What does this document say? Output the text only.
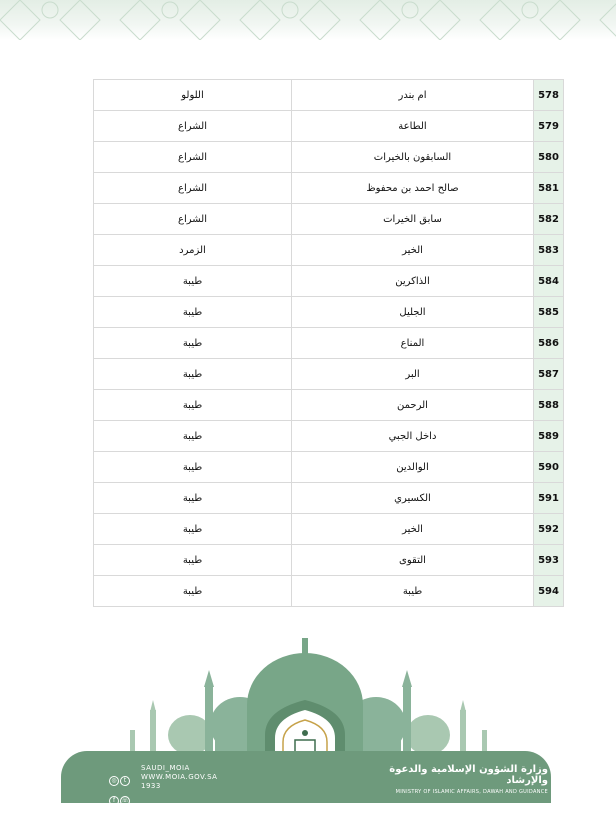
578	ام بندر	اللولو
579	الطاعة	الشراع
580	السابقون بالخيرات	الشراع
581	صالح احمد بن محفوظ	الشراع
582	سابق الخيرات	الشراع
583	الخير	الزمرد
584	الذاكرين	طيبة
585	الجليل	طيبة
586	المناع	طيبة
587	البر	طيبة
588	الرحمن	طيبة
589	داخل الجبي	طيبة
590	الوالدين	طيبة
591	الكسيري	طيبة
592	الخير	طيبة
593	التقوى	طيبة
594	طيبة	طيبة
◎ t
f ☏
SAUDI_MOIA
WWW.MOIA.GOV.SA
1933
وزارة الشؤون الإسلامية والدعوة والإرشاد
MINISTRY OF ISLAMIC AFFAIRS, DAWAH AND GUIDANCE
